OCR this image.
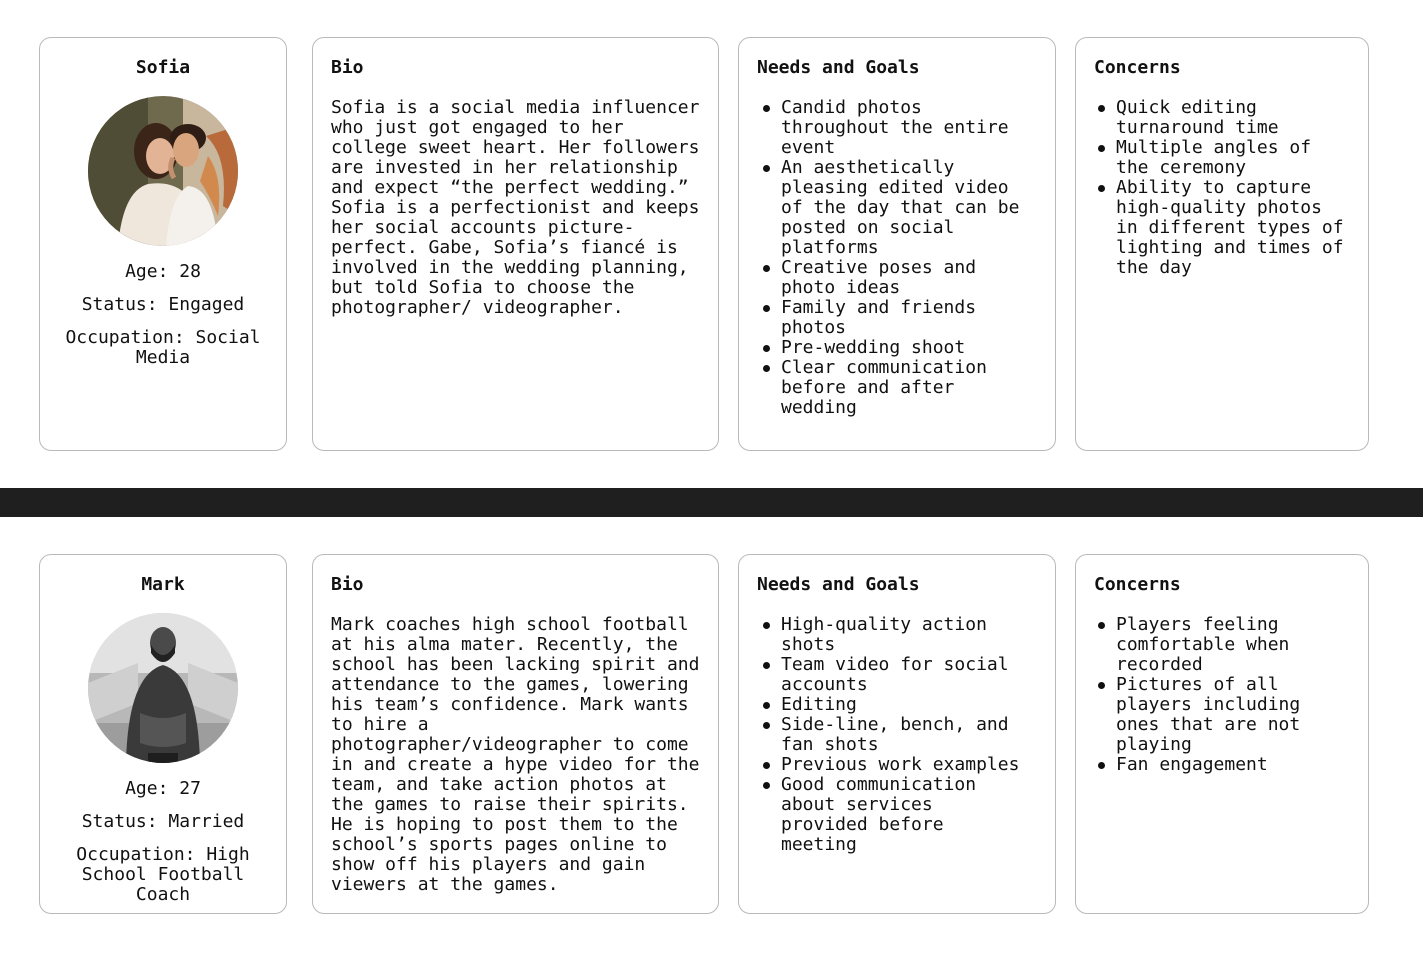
Sofia
Age: 28
Status: Engaged
Occupation: Social Media
Bio
Sofia is a social media influencer who just got engaged to her college sweet heart. Her followers are invested in her relationship and expect “the perfect wedding.” Sofia is a perfectionist and keeps her social accounts picture-perfect. Gabe, Sofia’s fiancé is involved in the wedding planning, but told Sofia to choose the photographer/ videographer.
Needs and Goals
Candid photos throughout the entire event
An aesthetically pleasing edited video of the day that can be posted on social platforms
Creative poses and photo ideas
Family and friends photos
Pre-wedding shoot
Clear communication before and after wedding
Concerns
Quick editing turnaround time
Multiple angles of the ceremony
Ability to capture high-quality photos in different types of lighting and times of the day
Mark
Age: 27
Status: Married
Occupation: High School Football Coach
Bio
Mark coaches high school football at his alma mater. Recently, the school has been lacking spirit and attendance to the games, lowering his team’s confidence. Mark wants to hire a photographer/videographer to come in and create a hype video for the team, and take action photos at the games to raise their spirits. He is hoping to post them to the school’s sports pages online to show off his players and gain viewers at the games.
Needs and Goals
High-quality action shots
Team video for social accounts
Editing
Side-line, bench, and fan shots
Previous work examples
Good communication about services provided before meeting
Concerns
Players feeling comfortable when recorded
Pictures of all players including ones that are not playing
Fan engagement
